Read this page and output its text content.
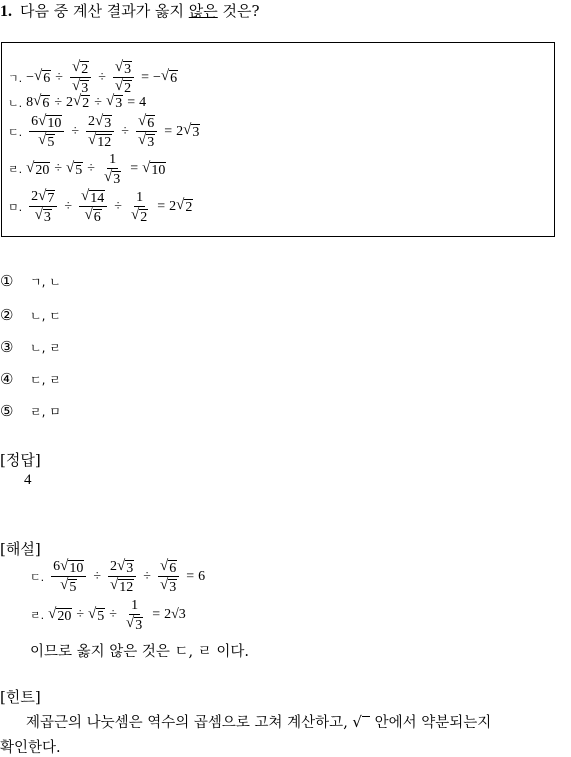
1. 다음 중 계산 결과가 옳지 않은 것은?
ㄱ. − √ $6 \div \frac{√ 2}{√ 3} \div \frac{√ 3}{√ 2}$ = − √ 6
ㄴ. 8 √ 6 ÷ 2 √ 2 ÷ √ 3 = 4
ㄷ. $\frac{6 √ 10}{√ 5} \div \frac{2 √ 3}{√ 12} \div \frac{√ 6}{√ 3} = 2$ √ 3
ㄹ. √ 20 ÷ √ $5 \div \frac{1}{√ 3}$ = √ 10
ㅁ. $\frac{2 √ 7}{√ 3} \div \frac{√ 14}{√ 6} \div \frac{1}{√ 2} = 2$ √ 2
① ㄱ, ㄴ
② ㄴ, ㄷ
③ ㄴ, ㄹ
④ ㄷ, ㄹ
⑤ ㄹ, ㅁ
[정답]
4
[해설]
ㄷ. $\frac{6 √ 10}{√ 5} \div \frac{2 √ 3}{√ 12} \div \frac{√ 6}{√ 3} = 6$
ㄹ. √ 20 ÷ √ $5 \div \frac{1}{√ 3} = 2√3$
이므로 옳지 않은 것은 ㄷ, ㄹ 이다.
[힌트]
제곱근의 나눗셈은 역수의 곱셈으로 고쳐 계산하고, √ 안에서 약분되는지
확인한다.
